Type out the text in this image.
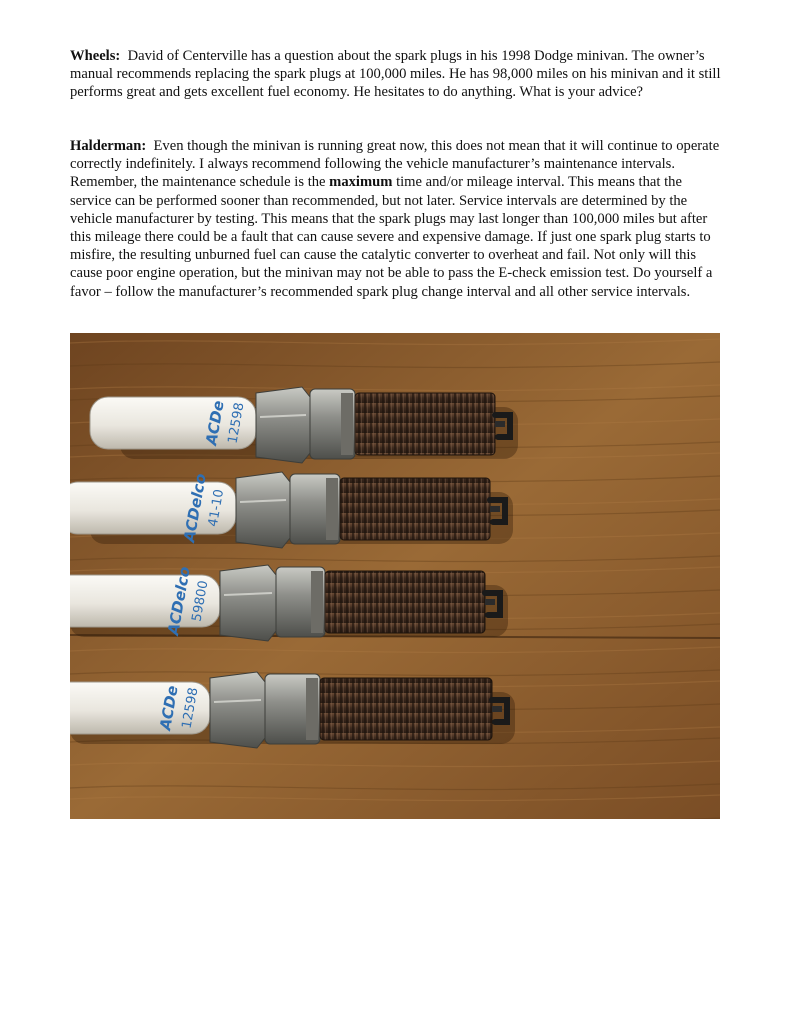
Wheels: David of Centerville has a question about the spark plugs in his 1998 Dodge minivan. The owner’s manual recommends replacing the spark plugs at 100,000 miles. He has 98,000 miles on his minivan and it still performs great and gets excellent fuel economy. He hesitates to do anything. What is your advice?

Halderman: Even though the minivan is running great now, this does not mean that it will continue to operate correctly indefinitely. I always recommend following the vehicle manufacturer’s maintenance intervals. Remember, the maintenance schedule is the maximum time and/or mileage interval. This means that the service can be performed sooner than recommended, but not later. Service intervals are determined by the vehicle manufacturer by testing. This means that the spark plugs may last longer than 100,000 miles but after this mileage there could be a fault that can cause severe and expensive damage. If just one spark plug starts to misfire, the resulting unburned fuel can cause the catalytic converter to overheat and fail. Not only will this cause poor engine operation, but the minivan may not be able to pass the E-check emission test. Do yourself a favor – follow the manufacturer’s recommended spark plug change interval and all other service intervals.

ACDe
12598
ACDelco
41-10
ACDelco
59800
ACDe
12598
